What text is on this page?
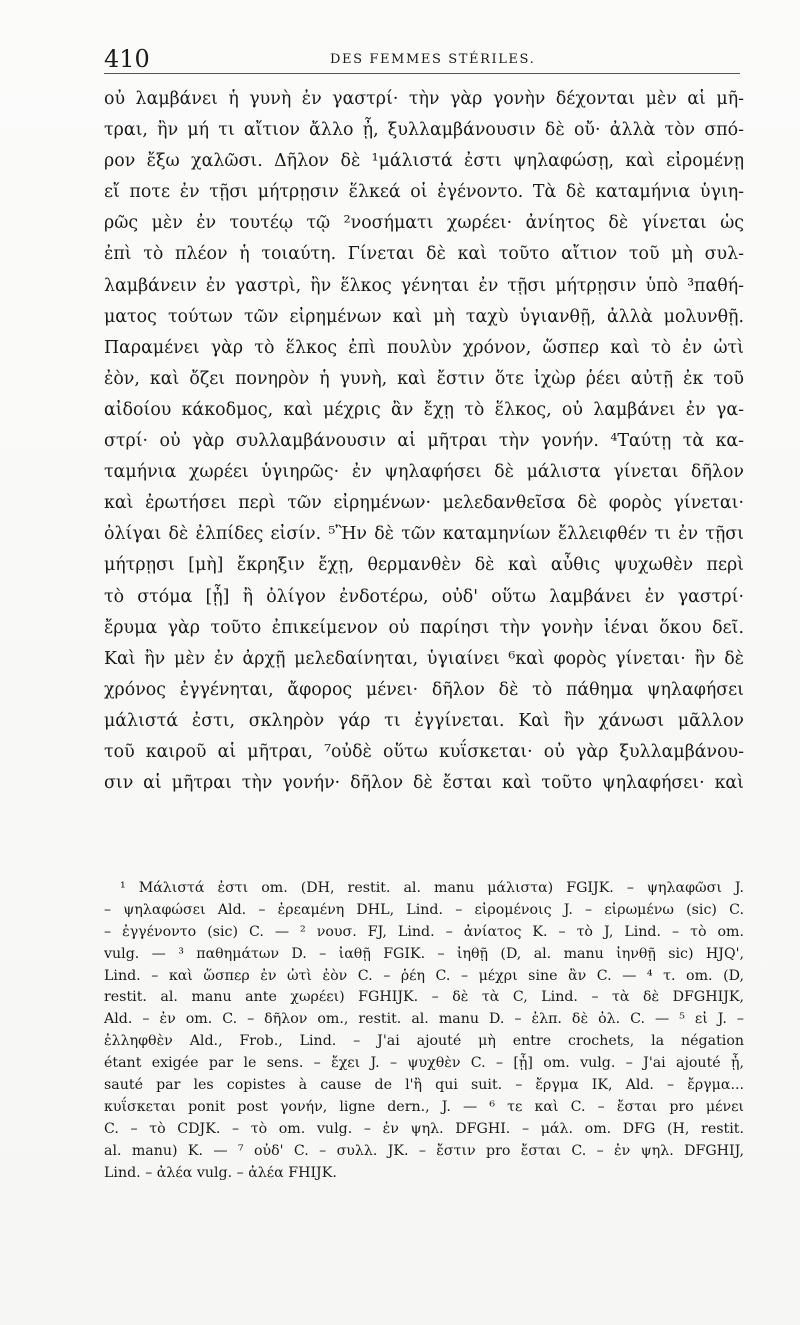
410	DES FEMMES STÉRILES.
οὐ λαμβάνει ἡ γυνὴ ἐν γαστρί· τὴν γὰρ γονὴν δέχονται μὲν αἱ μῆ-
τραι, ἢν μή τι αἴτιον ἄλλο ᾖ, ξυλλαμβάνουσιν δὲ οὔ· ἀλλὰ τὸν σπό-
ρον ἔξω χαλῶσι. Δῆλον δὲ ¹μάλιστά ἐστι ψηλαφώσῃ, καὶ εἰρομένῃ
εἴ ποτε ἐν τῇσι μήτρῃσιν ἕλκεά οἱ ἐγένοντο. Τὰ δὲ καταμήνια ὑγιη-
ρῶς μὲν ἐν τουτέῳ τῷ ²νοσήματι χωρέει· ἀνίητος δὲ γίνεται ὡς
ἐπὶ τὸ πλέον ἡ τοιαύτη. Γίνεται δὲ καὶ τοῦτο αἴτιον τοῦ μὴ συλ-
λαμβάνειν ἐν γαστρὶ, ἢν ἕλκος γένηται ἐν τῇσι μήτρῃσιν ὑπὸ ³παθή-
ματος τούτων τῶν εἰρημένων καὶ μὴ ταχὺ ὑγιανθῇ, ἀλλὰ μολυνθῇ.
Παραμένει γὰρ τὸ ἕλκος ἐπὶ πουλὺν χρόνον, ὥσπερ καὶ τὸ ἐν ὠτὶ
ἐὸν, καὶ ὄζει πονηρὸν ἡ γυνὴ, καὶ ἔστιν ὅτε ἰχὼρ ῥέει αὐτῇ ἐκ τοῦ
αἰδοίου κάκοδμος, καὶ μέχρις ἂν ἔχῃ τὸ ἕλκος, οὐ λαμβάνει ἐν γα-
στρί· οὐ γὰρ συλλαμβάνουσιν αἱ μῆτραι τὴν γονήν. ⁴Ταύτῃ τὰ κα-
ταμήνια χωρέει ὑγιηρῶς· ἐν ψηλαφήσει δὲ μάλιστα γίνεται δῆλον
καὶ ἐρωτήσει περὶ τῶν εἰρημένων· μελεδανθεῖσα δὲ φορὸς γίνεται·
ὀλίγαι δὲ ἐλπίδες εἰσίν. ⁵Ἢν δὲ τῶν καταμηνίων ἔλλειφθέν τι ἐν τῇσι
μήτρῃσι [μὴ] ἔκρηξιν ἔχῃ, θερμανθὲν δὲ καὶ αὖθις ψυχωθὲν περὶ
τὸ στόμα [ᾖ] ἢ ὀλίγον ἐνδοτέρω, οὐδ' οὕτω λαμβάνει ἐν γαστρί·
ἔρυμα γὰρ τοῦτο ἐπικείμενον οὐ παρίησι τὴν γονὴν ἰέναι ὅκου δεῖ.
Καὶ ἢν μὲν ἐν ἀρχῇ μελεδαίνηται, ὑγιαίνει ⁶καὶ φορὸς γίνεται· ἢν δὲ
χρόνος ἐγγένηται, ἄφορος μένει· δῆλον δὲ τὸ πάθημα ψηλαφήσει
μάλιστά ἐστι, σκληρὸν γάρ τι ἐγγίνεται. Καὶ ἢν χάνωσι μᾶλλον
τοῦ καιροῦ αἱ μῆτραι, ⁷οὐδὲ οὕτω κυΐσκεται· οὐ γὰρ ξυλλαμβάνου-
σιν αἱ μῆτραι τὴν γονήν· δῆλον δὲ ἔσται καὶ τοῦτο ψηλαφήσει· καὶ
¹ Μάλιστά ἐστι om. (DH, restit. al. manu μάλιστα) FGIJK. – ψηλαφῶσι J.
– ψηλαφώσει Ald. – ἐρεαμένη DHL, Lind. – εἰρομένοις J. – εἰρωμένω (sic) C.
– ἐγγένοντο (sic) C. — ² νουσ. FJ, Lind. – ἀνίατος K. – τὸ J, Lind. – τὸ om.
vulg. — ³ παθημάτων D. – ἰαθῇ FGIK. – ἰηθῇ (D, al. manu ἰηνθῇ sic) HJQ',
Lind. – καὶ ὥσπερ ἐν ὠτὶ ἐὸν C. – ῥέη C. – μέχρι sine ἂν C. — ⁴ τ. om. (D,
restit. al. manu ante χωρέει) FGHIJK. – δὲ τὰ C, Lind. – τὰ δὲ DFGHIJK,
Ald. – ἐν om. C. – δῆλον om., restit. al. manu D. – ἐλπ. δὲ ὀλ. C. — ⁵ εἰ J. –
ἐλληφθὲν Ald., Frob., Lind. – J'ai ajouté μὴ entre crochets, la négation
étant exigée par le sens. – ἔχει J. – ψυχθὲν C. – [ᾖ] om. vulg. – J'ai ajouté ᾖ,
sauté par les copistes à cause de l'ἢ qui suit. – ἔργμα IK, Ald. – ἔργμα...
κυΐσκεται ponit post γονήν, ligne dern., J. — ⁶ τε καὶ C. – ἔσται pro μένει
C. – τὸ CDJK. – τὸ om. vulg. – ἐν ψηλ. DFGHI. – μάλ. om. DFG (H, restit.
al. manu) K. — ⁷ οὐδ' C. – συλλ. JK. – ἔστιν pro ἔσται C. – ἐν ψηλ. DFGHIJ,
Lind. – ἀλέα vulg. – ἀλέα FHIJK.
